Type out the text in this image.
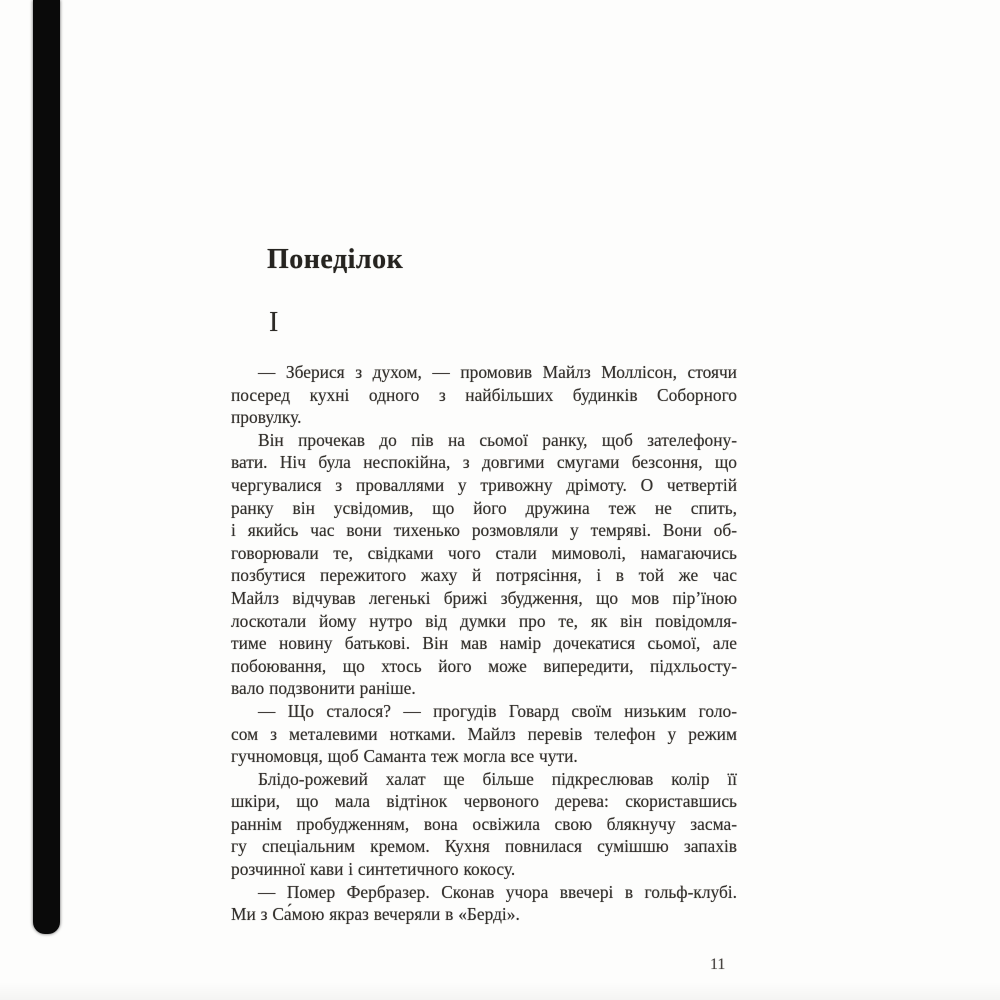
Понеділок
I
— Зберися з духом, — промовив Майлз Моллісон, стоячи
посеред кухні одного з найбільших будинків Соборного
провулку.
Він прочекав до пів на сьомої ранку, щоб зателефону-
вати. Ніч була неспокійна, з довгими смугами безсоння, що
чергувалися з проваллями у тривожну дрімоту. О четвертій
ранку він усвідомив, що його дружина теж не спить,
і якийсь час вони тихенько розмовляли у темряві. Вони об-
говорювали те, свідками чого стали мимоволі, намагаючись
позбутися пережитого жаху й потрясіння, і в той же час
Майлз відчував легенькі брижі збудження, що мов пір’їною
лоскотали йому нутро від думки про те, як він повідомля-
тиме новину батькові. Він мав намір дочекатися сьомої, але
побоювання, що хтось його може випередити, підхльосту-
вало подзвонити раніше.
— Що сталося? — прогудів Говард своїм низьким голо-
сом з металевими нотками. Майлз перевів телефон у режим
гучномовця, щоб Саманта теж могла все чути.
Блідо-рожевий халат ще більше підкреслював колір її
шкіри, що мала відтінок червоного дерева: скориставшись
раннім пробудженням, вона освіжила свою блякнучу засма-
гу спеціальним кремом. Кухня повнилася сумішшю запахів
розчинної кави і синтетичного кокосу.
— Помер Фербразер. Сконав учора ввечері в гольф-клубі.
Ми з Са́мою якраз вечеряли в «Берді».
11
